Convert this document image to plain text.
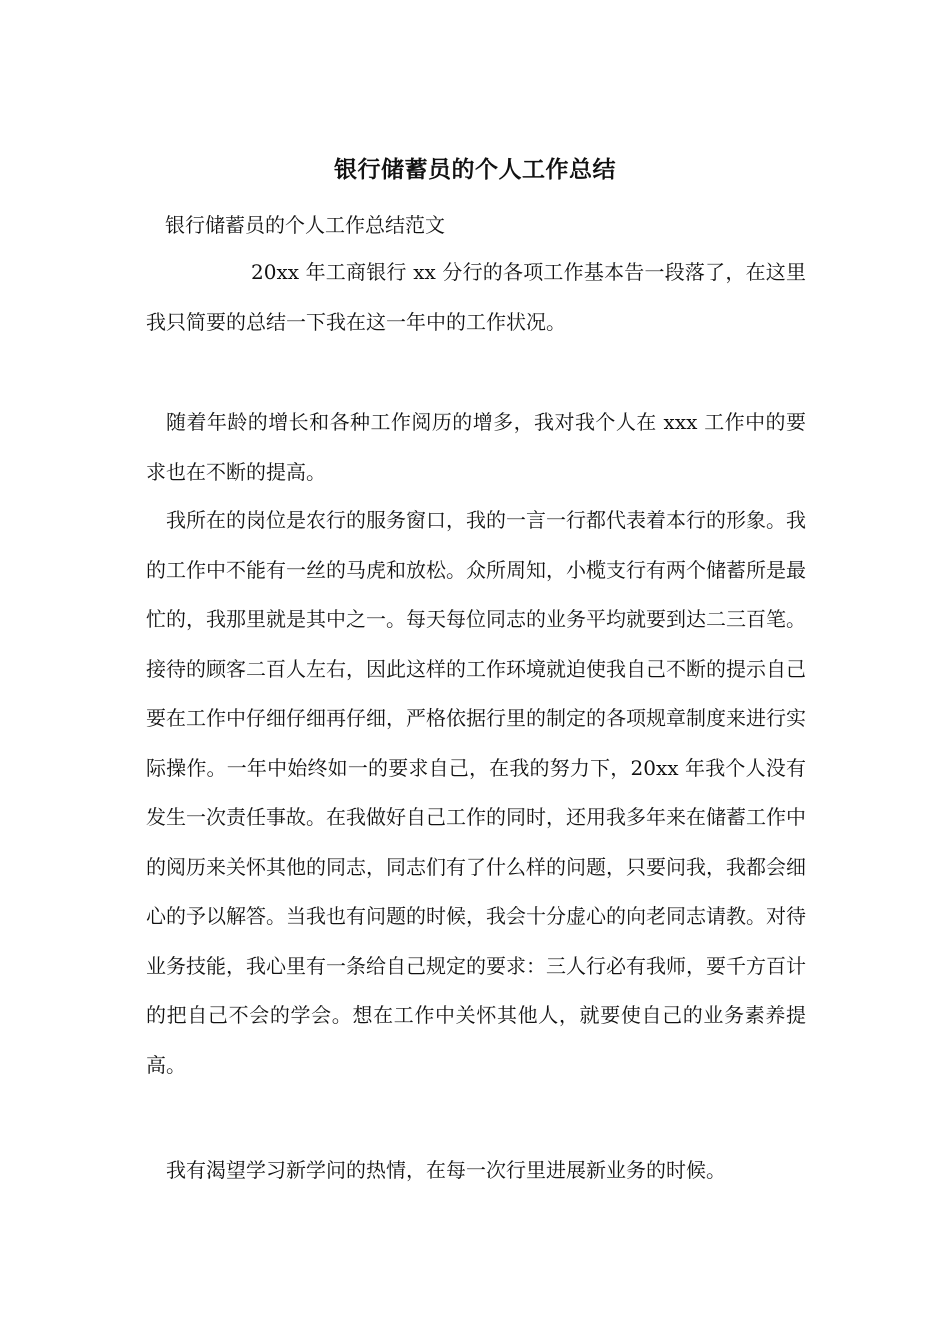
银行储蓄员的个人工作总结
银行储蓄员的个人工作总结范文

20xx 年工商银行 xx 分行的各项工作基本告一段落了，在这里我只简要的总结一下我在这一年中的工作状况。

随着年龄的增长和各种工作阅历的增多，我对我个人在 xxx 工作中的要求也在不断的提高。

我所在的岗位是农行的服务窗口，我的一言一行都代表着本行的形象。我的工作中不能有一丝的马虎和放松。众所周知，小榄支行有两个储蓄所是最忙的，我那里就是其中之一。每天每位同志的业务平均就要到达二三百笔。接待的顾客二百人左右，因此这样的工作环境就迫使我自己不断的提示自己要在工作中仔细仔细再仔细，严格依据行里的制定的各项规章制度来进行实际操作。一年中始终如一的要求自己，在我的努力下，20xx 年我个人没有发生一次责任事故。在我做好自己工作的同时，还用我多年来在储蓄工作中的阅历来关怀其他的同志，同志们有了什么样的问题，只要问我，我都会细心的予以解答。当我也有问题的时候，我会十分虚心的向老同志请教。对待业务技能，我心里有一条给自己规定的要求：三人行必有我师，要千方百计的把自己不会的学会。想在工作中关怀其他人，就要使自己的业务素养提高。

我有渴望学习新学问的热情，在每一次行里进展新业务的时候。
